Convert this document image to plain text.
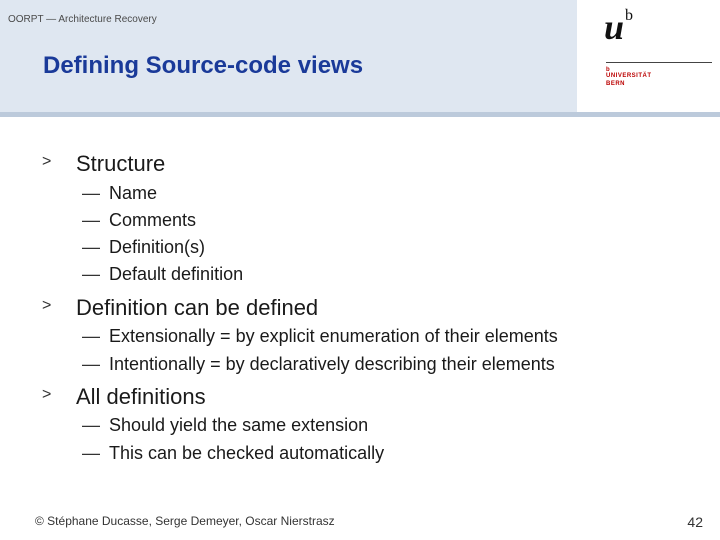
OORPT — Architecture Recovery
Defining Source-code views
$u^b$
b
UNIVERSITÄT
BERN
> Structure
— Name
— Comments
— Definition(s)
— Default definition
> Definition can be defined
— Extensionally = by explicit enumeration of their elements
— Intentionally = by declaratively describing their elements
> All definitions
— Should yield the same extension
— This can be checked automatically
© Stéphane Ducasse, Serge Demeyer, Oscar Nierstrasz	42
